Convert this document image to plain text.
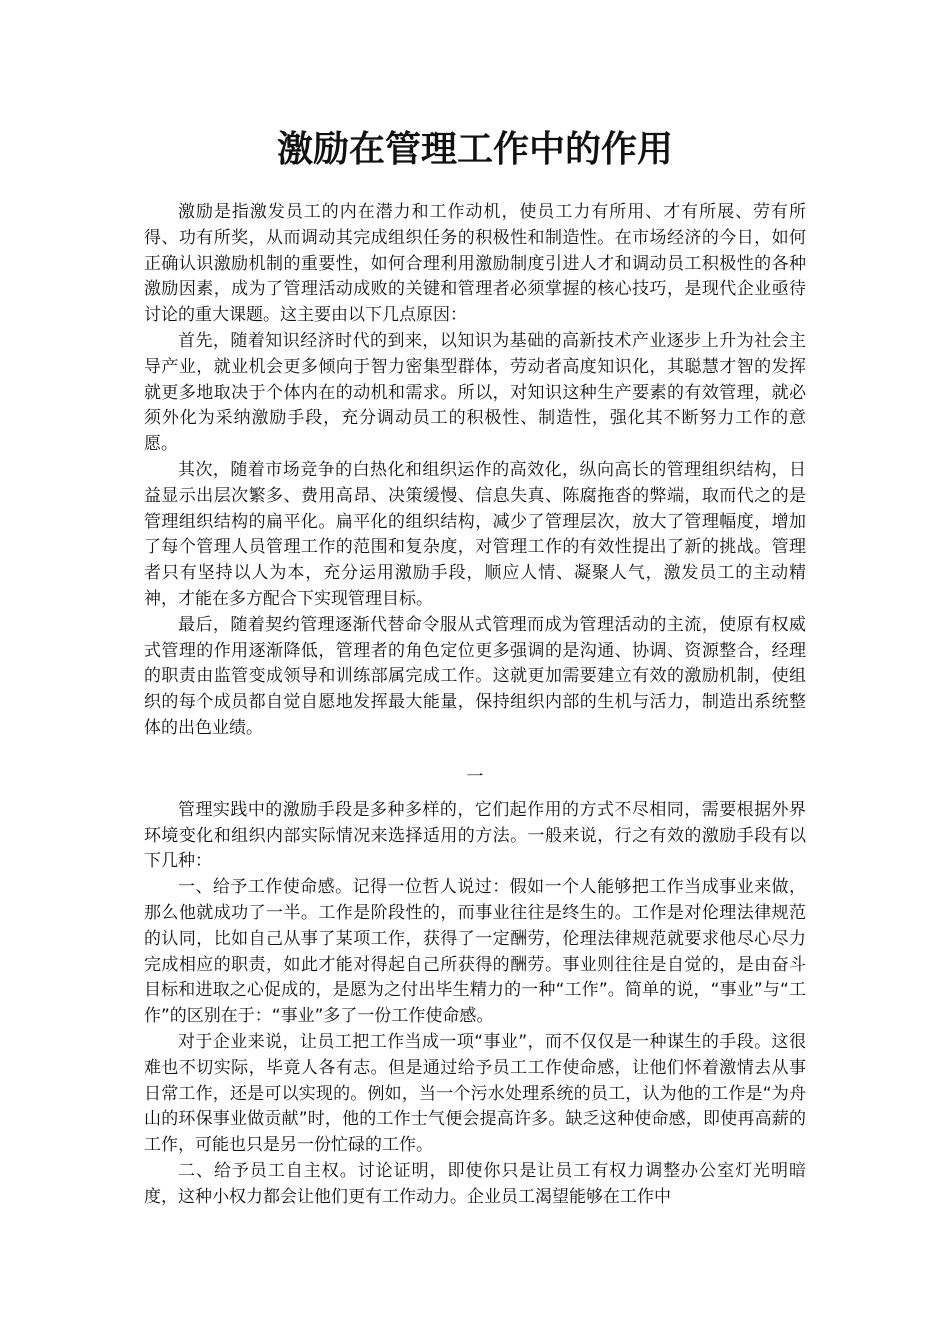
激励在管理工作中的作用

激励是指激发员工的内在潜力和工作动机，使员工力有所用、才有所展、劳有所得、功有所奖，从而调动其完成组织任务的积极性和制造性。在市场经济的今日，如何正确认识激励机制的重要性，如何合理利用激励制度引进人才和调动员工积极性的各种激励因素，成为了管理活动成败的关键和管理者必须掌握的核心技巧，是现代企业亟待讨论的重大课题。这主要由以下几点原因：

首先，随着知识经济时代的到来，以知识为基础的高新技术产业逐步上升为社会主导产业，就业机会更多倾向于智力密集型群体，劳动者高度知识化，其聪慧才智的发挥就更多地取决于个体内在的动机和需求。所以，对知识这种生产要素的有效管理，就必须外化为采纳激励手段，充分调动员工的积极性、制造性，强化其不断努力工作的意愿。

其次，随着市场竞争的白热化和组织运作的高效化，纵向高长的管理组织结构，日益显示出层次繁多、费用高昂、决策缓慢、信息失真、陈腐拖沓的弊端，取而代之的是管理组织结构的扁平化。扁平化的组织结构，减少了管理层次，放大了管理幅度，增加了每个管理人员管理工作的范围和复杂度，对管理工作的有效性提出了新的挑战。管理者只有坚持以人为本，充分运用激励手段，顺应人情、凝聚人气，激发员工的主动精神，才能在多方配合下实现管理目标。

最后，随着契约管理逐渐代替命令服从式管理而成为管理活动的主流，使原有权威式管理的作用逐渐降低，管理者的角色定位更多强调的是沟通、协调、资源整合，经理的职责由监管变成领导和训练部属完成工作。这就更加需要建立有效的激励机制，使组织的每个成员都自觉自愿地发挥最大能量，保持组织内部的生机与活力，制造出系统整体的出色业绩。

一

管理实践中的激励手段是多种多样的，它们起作用的方式不尽相同，需要根据外界环境变化和组织内部实际情况来选择适用的方法。一般来说，行之有效的激励手段有以下几种：

一、给予工作使命感。记得一位哲人说过：假如一个人能够把工作当成事业来做，那么他就成功了一半。工作是阶段性的，而事业往往是终生的。工作是对伦理法律规范的认同，比如自己从事了某项工作，获得了一定酬劳，伦理法律规范就要求他尽心尽力完成相应的职责，如此才能对得起自己所获得的酬劳。事业则往往是自觉的，是由奋斗目标和进取之心促成的，是愿为之付出毕生精力的一种“工作”。简单的说，“事业”与“工作”的区别在于：“事业”多了一份工作使命感。

对于企业来说，让员工把工作当成一项“事业”，而不仅仅是一种谋生的手段。这很难也不切实际，毕竟人各有志。但是通过给予员工工作使命感，让他们怀着激情去从事日常工作，还是可以实现的。例如，当一个污水处理系统的员工，认为他的工作是“为舟山的环保事业做贡献”时，他的工作士气便会提高许多。缺乏这种使命感，即使再高薪的工作，可能也只是另一份忙碌的工作。

二、给予员工自主权。讨论证明，即使你只是让员工有权力调整办公室灯光明暗度，这种小权力都会让他们更有工作动力。企业员工渴望能够在工作中
